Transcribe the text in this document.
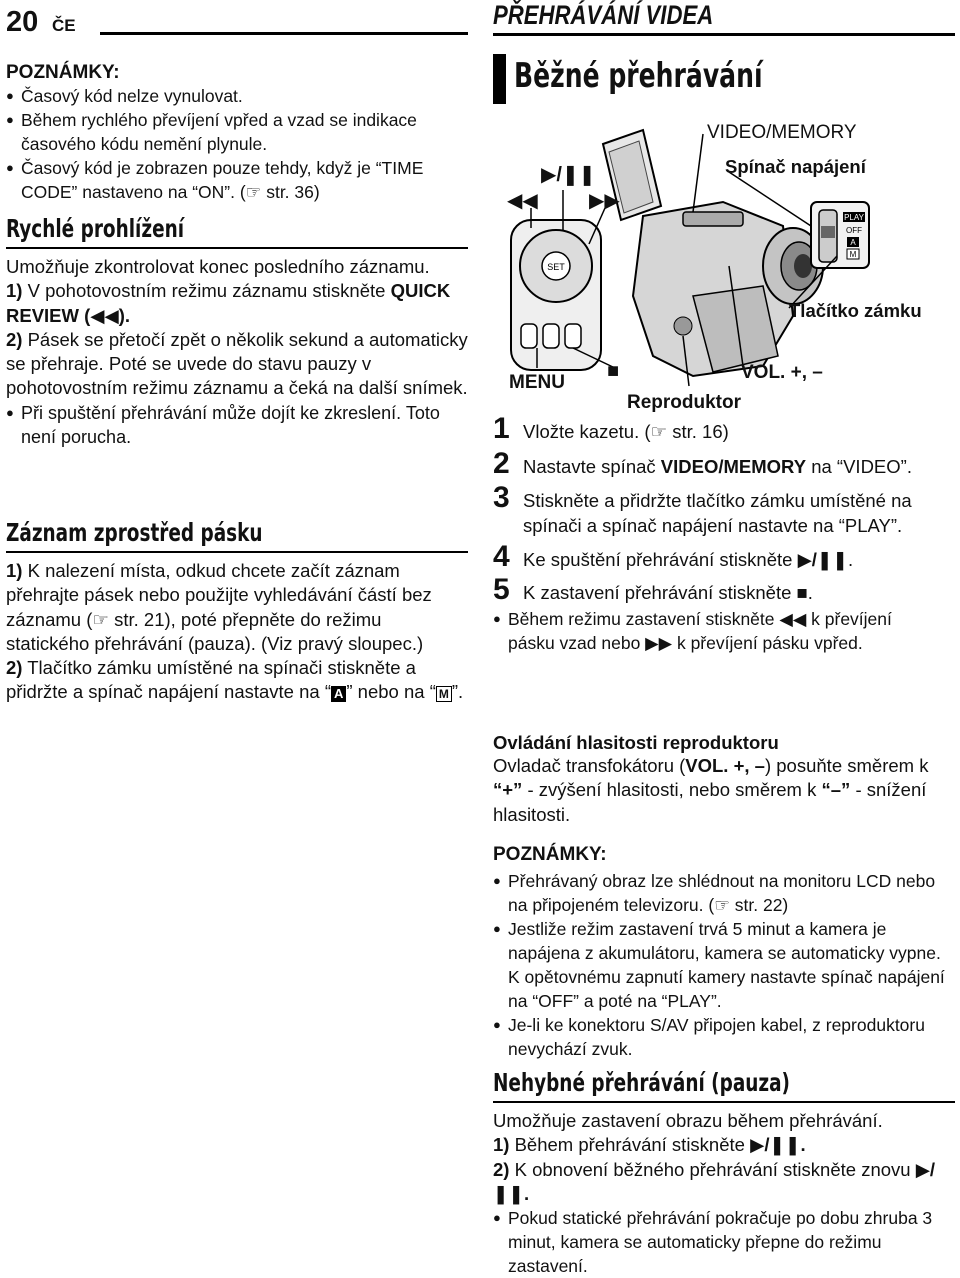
20 ČE
POZNÁMKY:
● Časový kód nelze vynulovat.
● Během rychlého převíjení vpřed a vzad se indikace časového kódu nemění plynule.
● Časový kód je zobrazen pouze tehdy, když je “TIME CODE” nastaveno na “ON”. (☞ str. 36)
Rychlé prohlížení
Umožňuje zkontrolovat konec posledního záznamu.
1) V pohotovostním režimu záznamu stiskněte QUICK REVIEW (◀◀).
2) Pásek se přetočí zpět o několik sekund a automaticky se přehraje. Poté se uvede do stavu pauzy v pohotovostním režimu záznamu a čeká na další snímek.
● Při spuštění přehrávání může dojít ke zkreslení. Toto není porucha.
Záznam zprostřed pásku
1) K nalezení místa, odkud chcete začít záznam přehrajte pásek nebo použijte vyhledávání částí bez záznamu (☞ str. 21), poté přepněte do režimu statického přehrávání (pauza). (Viz pravý sloupec.)
2) Tlačítko zámku umístěné na spínači stiskněte a přidržte a spínač napájení nastavte na “ A ” nebo na “ M ”.
PŘEHRÁVÁNÍ VIDEA
Běžné přehrávání
SET
PLAY
OFF
A
M
VIDEO/MEMORY
Spínač napájení
▶/❚❚
◀◀	▶▶
Tlačítko zámku
VOL. +, –
MENU
■
Reproduktor
1 Vložte kazetu. (☞ str. 16)
2 Nastavte spínač VIDEO/MEMORY na “VIDEO”.
3 Stiskněte a přidržte tlačítko zámku umístěné na spínači a spínač napájení nastavte na “PLAY”.
4 Ke spuštění přehrávání stiskněte ▶/❚❚.
5 K zastavení přehrávání stiskněte ■.
● Během režimu zastavení stiskněte ◀◀ k převíjení pásku vzad nebo ▶▶ k převíjení pásku vpřed.
Ovládání hlasitosti reproduktoru
Ovladač transfokátoru (VOL. +, –) posuňte směrem k “+” - zvýšení hlasitosti, nebo směrem k “–” - snížení hlasitosti.
POZNÁMKY:
● Přehrávaný obraz lze shlédnout na monitoru LCD nebo na připojeném televizoru. (☞ str. 22)
● Jestliže režim zastavení trvá 5 minut a kamera je napájena z akumulátoru, kamera se automaticky vypne. K opětovnému zapnutí kamery nastavte spínač napájení na “OFF” a poté na “PLAY”.
● Je-li ke konektoru S/AV připojen kabel, z reproduktoru nevychází zvuk.
Nehybné přehrávání (pauza)
Umožňuje zastavení obrazu během přehrávání.
1) Během přehrávání stiskněte ▶/❚❚.
2) K obnovení běžného přehrávání stiskněte znovu ▶/❚❚.
● Pokud statické přehrávání pokračuje po dobu zhruba 3 minut, kamera se automaticky přepne do režimu zastavení.
